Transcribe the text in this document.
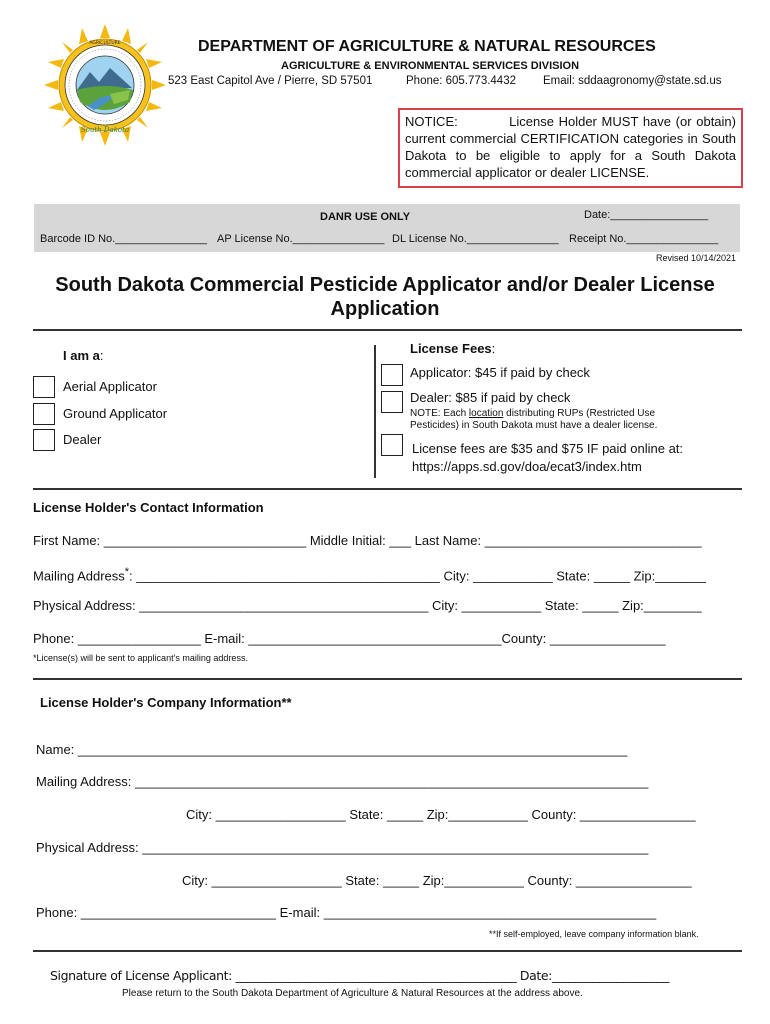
AGRICULTURE
South Dakota
DEPARTMENT OF AGRICULTURE & NATURAL RESOURCES
AGRICULTURE & ENVIRONMENTAL SERVICES DIVISION
523 East Capitol Ave / Pierre, SD 57501	Phone: 605.773.4432 Email: sddaagronomy@state.sd.us
NOTICE:	License Holder MUST have (or obtain) current commercial CERTIFICATION categories in South Dakota to be eligible to apply for a South Dakota commercial applicator or dealer LICENSE.
DANR USE ONLY	Date:________________
Barcode ID No._______________ AP License No._______________ DL License No._______________ Receipt No._______________
Revised 10/14/2021
South Dakota Commercial Pesticide Applicator and/or Dealer License
Application
I am a:
Aerial Applicator
Ground Applicator
Dealer
License Fees:
Applicator: $45 if paid by check
Dealer: $85 if paid by check
NOTE: Each location distributing RUPs (Restricted Use
Pesticides) in South Dakota must have a dealer license.
License fees are $35 and $75 IF paid online at:
https://apps.sd.gov/doa/ecat3/index.htm
License Holder's Contact Information
First Name: ____________________________ Middle Initial: ___ Last Name: ______________________________
Mailing Address*: __________________________________________ City: ___________ State: _____ Zip:_______
Physical Address: ________________________________________ City: ___________ State: _____ Zip:________
Phone: _________________ E-mail: ___________________________________County: ________________
*License(s) will be sent to applicant’s mailing address.
License Holder's Company Information**
Name: ____________________________________________________________________________
Mailing Address: _______________________________________________________________________
City: __________________ State: _____ Zip:___________ County: ________________
Physical Address: ______________________________________________________________________
City: __________________ State: _____ Zip:___________ County: ________________
Phone: ___________________________ E-mail: ______________________________________________
**If self-employed, leave company information blank.
Signature of License Applicant: ________________________________________________ Date:____________________
Please return to the South Dakota Department of Agriculture & Natural Resources at the address above.
